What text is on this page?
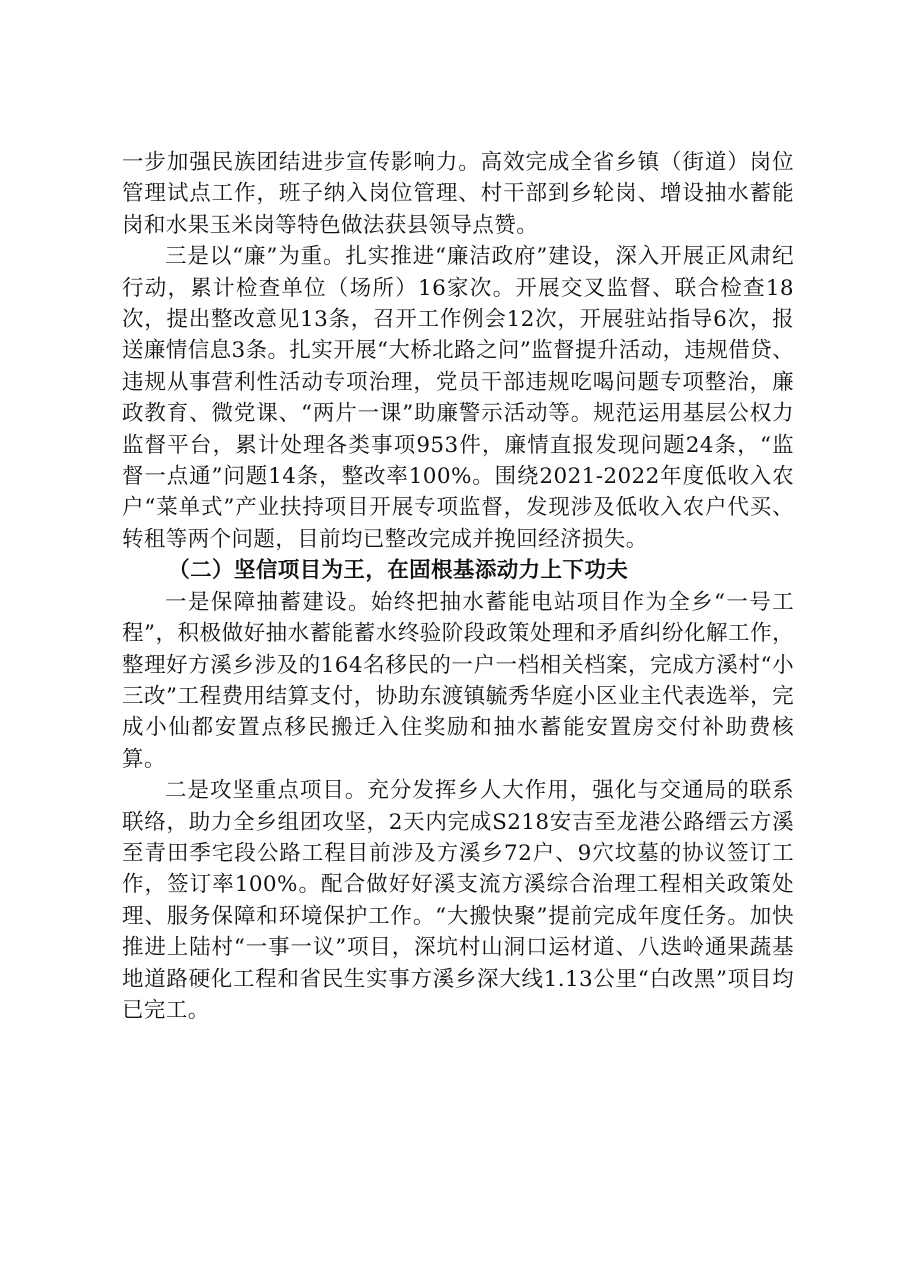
一步加强民族团结进步宣传影响力。高效完成全省乡镇（街道）岗位管理试点工作，班子纳入岗位管理、村干部到乡轮岗、增设抽水蓄能岗和水果玉米岗等特色做法获县领导点赞。

三是以“廉”为重。扎实推进“廉洁政府”建设，深入开展正风肃纪行动，累计检查单位（场所）16家次。开展交叉监督、联合检查18次，提出整改意见13条，召开工作例会12次，开展驻站指导6次，报送廉情信息3条。扎实开展“大桥北路之问”监督提升活动，违规借贷、违规从事营利性活动专项治理，党员干部违规吃喝问题专项整治，廉政教育、微党课、“两片一课”助廉警示活动等。规范运用基层公权力监督平台，累计处理各类事项953件，廉情直报发现问题24条，“监督一点通”问题14条，整改率100%。围绕2021-2022年度低收入农户“菜单式”产业扶持项目开展专项监督，发现涉及低收入农户代买、转租等两个问题，目前均已整改完成并挽回经济损失。

（二）坚信项目为王，在固根基添动力上下功夫

一是保障抽蓄建设。始终把抽水蓄能电站项目作为全乡“一号工程”，积极做好抽水蓄能蓄水终验阶段政策处理和矛盾纠纷化解工作，整理好方溪乡涉及的164名移民的一户一档相关档案，完成方溪村“小三改”工程费用结算支付，协助东渡镇毓秀华庭小区业主代表选举，完成小仙都安置点移民搬迁入住奖励和抽水蓄能安置房交付补助费核算。

二是攻坚重点项目。充分发挥乡人大作用，强化与交通局的联系联络，助力全乡组团攻坚，2天内完成S218安吉至龙港公路缙云方溪至青田季宅段公路工程目前涉及方溪乡72户、9穴坟墓的协议签订工作，签订率100%。配合做好好溪支流方溪综合治理工程相关政策处理、服务保障和环境保护工作。“大搬快聚”提前完成年度任务。加快推进上陆村“一事一议”项目，深坑村山洞口运材道、八迭岭通果蔬基地道路硬化工程和省民生实事方溪乡深大线1.13公里“白改黑”项目均已完工。
